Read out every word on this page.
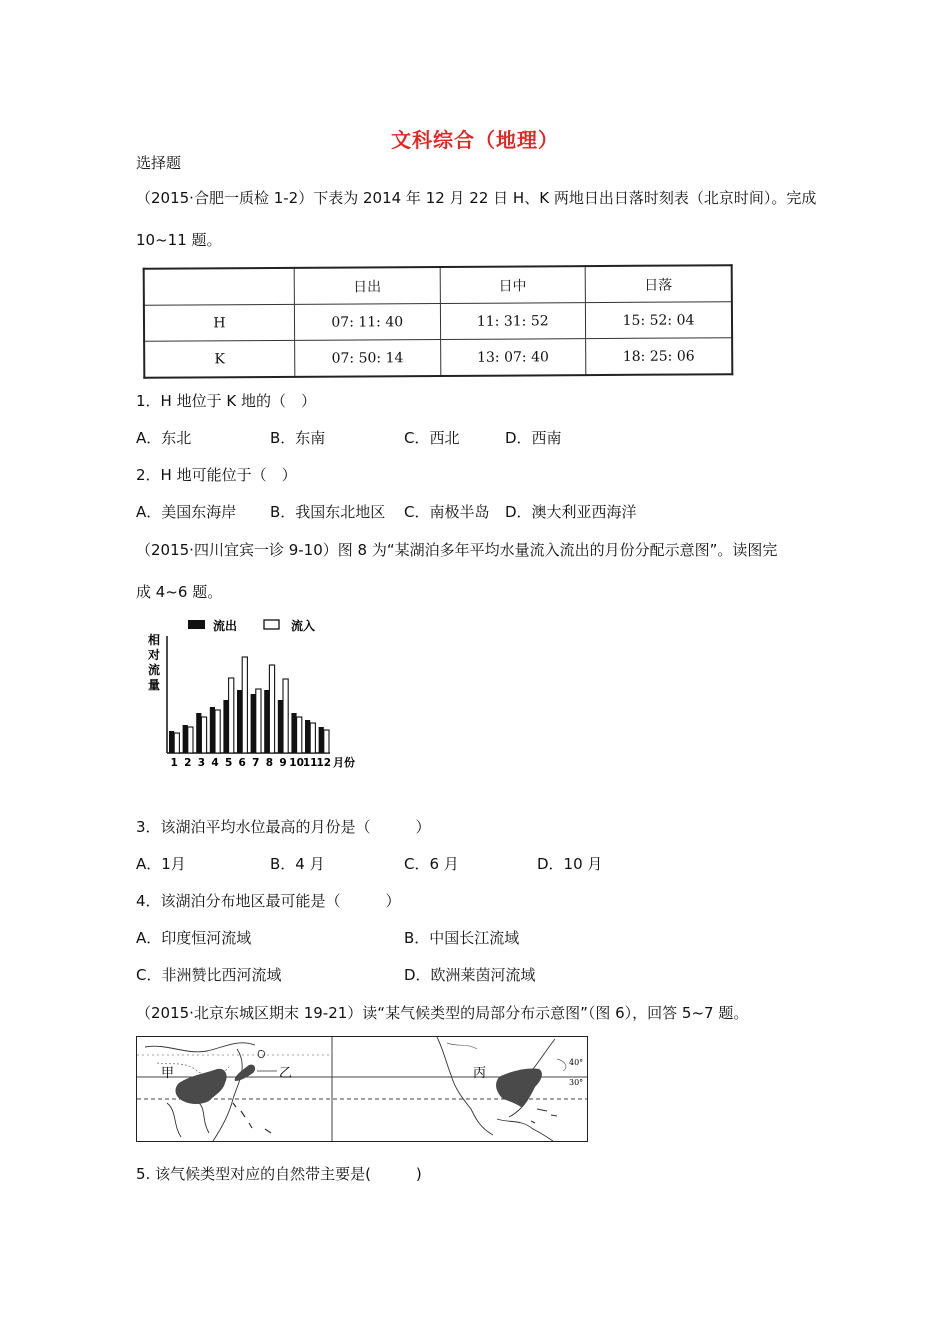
文科综合（地理）
选择题
（2015·合肥一质检 1-2）下表为 2014 年 12 月 22 日 H、K 两地日出日落时刻表（北京时间）。完成
10~11 题。
	日出	日中	日落
H	07: 11: 40	11: 31: 52	15: 52: 04
K	07: 50: 14	13: 07: 40	18: 25: 06
1．H 地位于 K 地的（　）
A．东北	B．东南	C．西北	D．西南
2．H 地可能位于（　）
A．美国东海岸 B．我国东北地区 C．南极半岛 D．澳大利亚西海洋
（2015·四川宜宾一诊 9-10）图 8 为“某湖泊多年平均水量流入流出的月份分配示意图”。读图完
成 4~6 题。
流出	流入
相
对
流
量
1 2 3 4 5 6 7 8 9 10
11
12 月份
3．该湖泊平均水位最高的月份是（　　　）
A．1月	B．4 月	C．6 月	D．10 月
4．该湖泊分布地区最可能是（　　　）
A．印度恒河流域	B．中国长江流域
C．非洲赞比西河流域	D．欧洲莱茵河流域
（2015·北京东城区期末 19-21）读“某气候类型的局部分布示意图”（图 6），回答 5~7 题。
甲	乙	丙
40°
30°
5. 该气候类型对应的自然带主要是(　　　)
